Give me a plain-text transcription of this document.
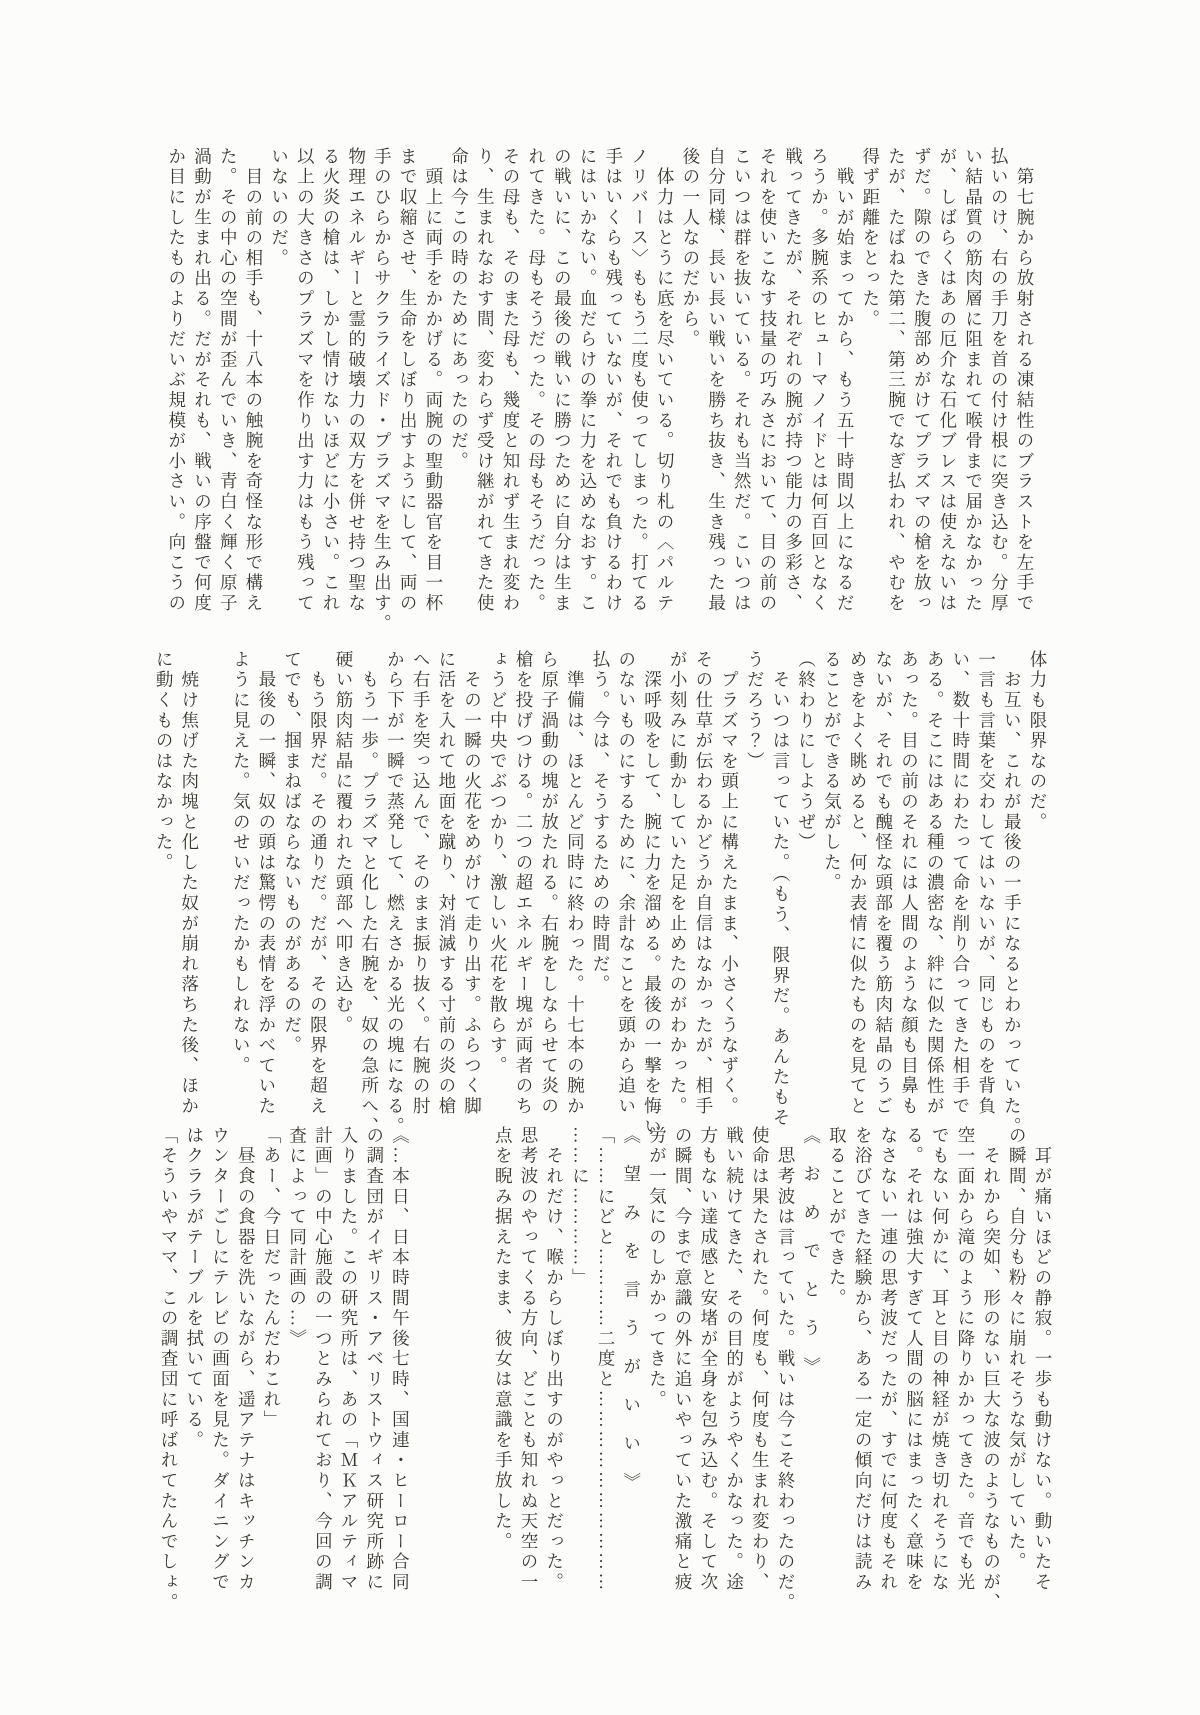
　第七腕から放射される凍結性のブラストを左手で

払いのけ、右の手刀を首の付け根に突き込む。分厚

い結晶質の筋肉層に阻まれて喉骨まで届かなかった

が、しばらくはあの厄介な石化ブレスは使えないは

ずだ。隙のできた腹部めがけてプラズマの槍を放っ

たが、たばねた第二、第三腕でなぎ払われ、やむを

得ず距離をとった。

　戦いが始まってから、もう五十時間以上になるだ

ろうか。多腕系のヒューマノイドとは何百回となく

戦ってきたが、それぞれの腕が持つ能力の多彩さ、

それを使いこなす技量の巧みさにおいて、目の前の

こいつは群を抜いている。それも当然だ。こいつは

自分同様、長い長い戦いを勝ち抜き、生き残った最

後の一人なのだから。

　体力はとうに底を尽いている。切り札の〈パルテ

ノリバース〉ももう二度も使ってしまった。打てる

手はいくらも残っていないが、それでも負けるわけ

にはいかない。血だらけの拳に力を込めなおす。こ

の戦いに、この最後の戦いに勝つために自分は生ま

れてきた。母もそうだった。その母もそうだった。

その母も、そのまた母も、幾度と知れず生まれ変わ

り、生まれなおす間、変わらず受け継がれてきた使

命は今この時のためにあったのだ。

　頭上に両手をかかげる。両腕の聖動器官を目一杯

まで収縮させ、生命をしぼり出すようにして、両の

手のひらからサクラライズド・プラズマを生み出す。

物理エネルギーと霊的破壊力の双方を併せ持つ聖な

る火炎の槍は、しかし情けないほどに小さい。これ

以上の大きさのプラズマを作り出す力はもう残って

いないのだ。

　目の前の相手も、十八本の触腕を奇怪な形で構え

た。その中心の空間が歪んでいき、青白く輝く原子

渦動が生まれ出る。だがそれも、戦いの序盤で何度

か目にしたものよりだいぶ規模が小さい。向こうの

体力も限界なのだ。

　お互い、これが最後の一手になるとわかっていた。

一言も言葉を交わしてはいないが、同じものを背負

い、数十時間にわたって命を削り合ってきた相手で

ある。そこにはある種の濃密な、絆に似た関係性が

あった。目の前のそれには人間のような顔も目鼻も

ないが、それでも醜怪な頭部を覆う筋肉結晶のうご

めきをよく眺めると、何か表情に似たものを見てと

ることができる気がした。

（終わりにしようぜ）

　そいつは言っていた。（もう、限界だ。あんたもそ

うだろう？）

　プラズマを頭上に構えたまま、小さくうなずく。

その仕草が伝わるかどうか自信はなかったが、相手

が小刻みに動かしていた足を止めたのがわかった。

　深呼吸をして、腕に力を溜める。最後の一撃を悔い

のないものにするために、余計なことを頭から追い

払う。今は、そうするための時間だ。

　準備は、ほとんど同時に終わった。十七本の腕か

ら原子渦動の塊が放たれる。右腕をしならせて炎の

槍を投げつける。二つの超エネルギー塊が両者のち

ょうど中央でぶつかり、激しい火花を散らす。

　その一瞬の火花をめがけて走り出す。ふらつく脚

に活を入れて地面を蹴り、対消滅する寸前の炎の槍

へ右手を突っ込んで、そのまま振り抜く。右腕の肘

から下が一瞬で蒸発して、燃えさかる光の塊になる。

　もう一歩。プラズマと化した右腕を、奴の急所へ、

硬い筋肉結晶に覆われた頭部へ叩き込む。

　もう限界だ。その通りだ。だが、その限界を超え

てでも、掴まねばならないものがあるのだ。

　最後の一瞬、奴の頭は驚愕の表情を浮かべていた

ように見えた。気のせいだったかもしれない。

　焼け焦げた肉塊と化した奴が崩れ落ちた後、ほか

に動くものはなかった。

　耳が痛いほどの静寂。一歩も動けない。動いたそ

の瞬間、自分も粉々に崩れそうな気がしていた。

　それから突如、形のない巨大な波のようなものが、

空一面から滝のように降りかかってきた。音でも光

でもない何かに、耳と目の神経が焼き切れそうにな

る。それは強大すぎて人間の脳にはまったく意味を

なさない一連の思考波だったが、すでに何度もそれ

を浴びてきた経験から、ある一定の傾向だけは読み

取ることができた。

《おめでとう》

　思考波は言っていた。戦いは今こそ終わったのだ。

使命は果たされた。何度も、何度も生まれ変わり、

戦い続けてきた、その目的がようやくかなった。途

方もない達成感と安堵が全身を包み込む。そして次

の瞬間、今まで意識の外に追いやっていた激痛と疲

労が一気にのしかかってきた。

《望みを言うがいい》

「……にどと…………二度と…………………………

……に…………」

　それだけ、喉からしぼり出すのがやっとだった。

思考波のやってくる方向、どことも知れぬ天空の一

点を睨み据えたまま、彼女は意識を手放した。

《…本日、日本時間午後七時、国連・ヒーロー合同

の調査団がイギリス・アベリストウィス研究所跡に

入りました。この研究所は、あの「ＭＫアルティマ

計画」の中心施設の一つとみられており、今回の調

査によって同計画の…》

「あー、今日だったんだわこれ」

　昼食の食器を洗いながら、遥アテナはキッチンカ

ウンターごしにテレビの画面を見た。ダイニングで

はクララがテーブルを拭いている。

「そういやママ、この調査団に呼ばれてたんでしょ。
